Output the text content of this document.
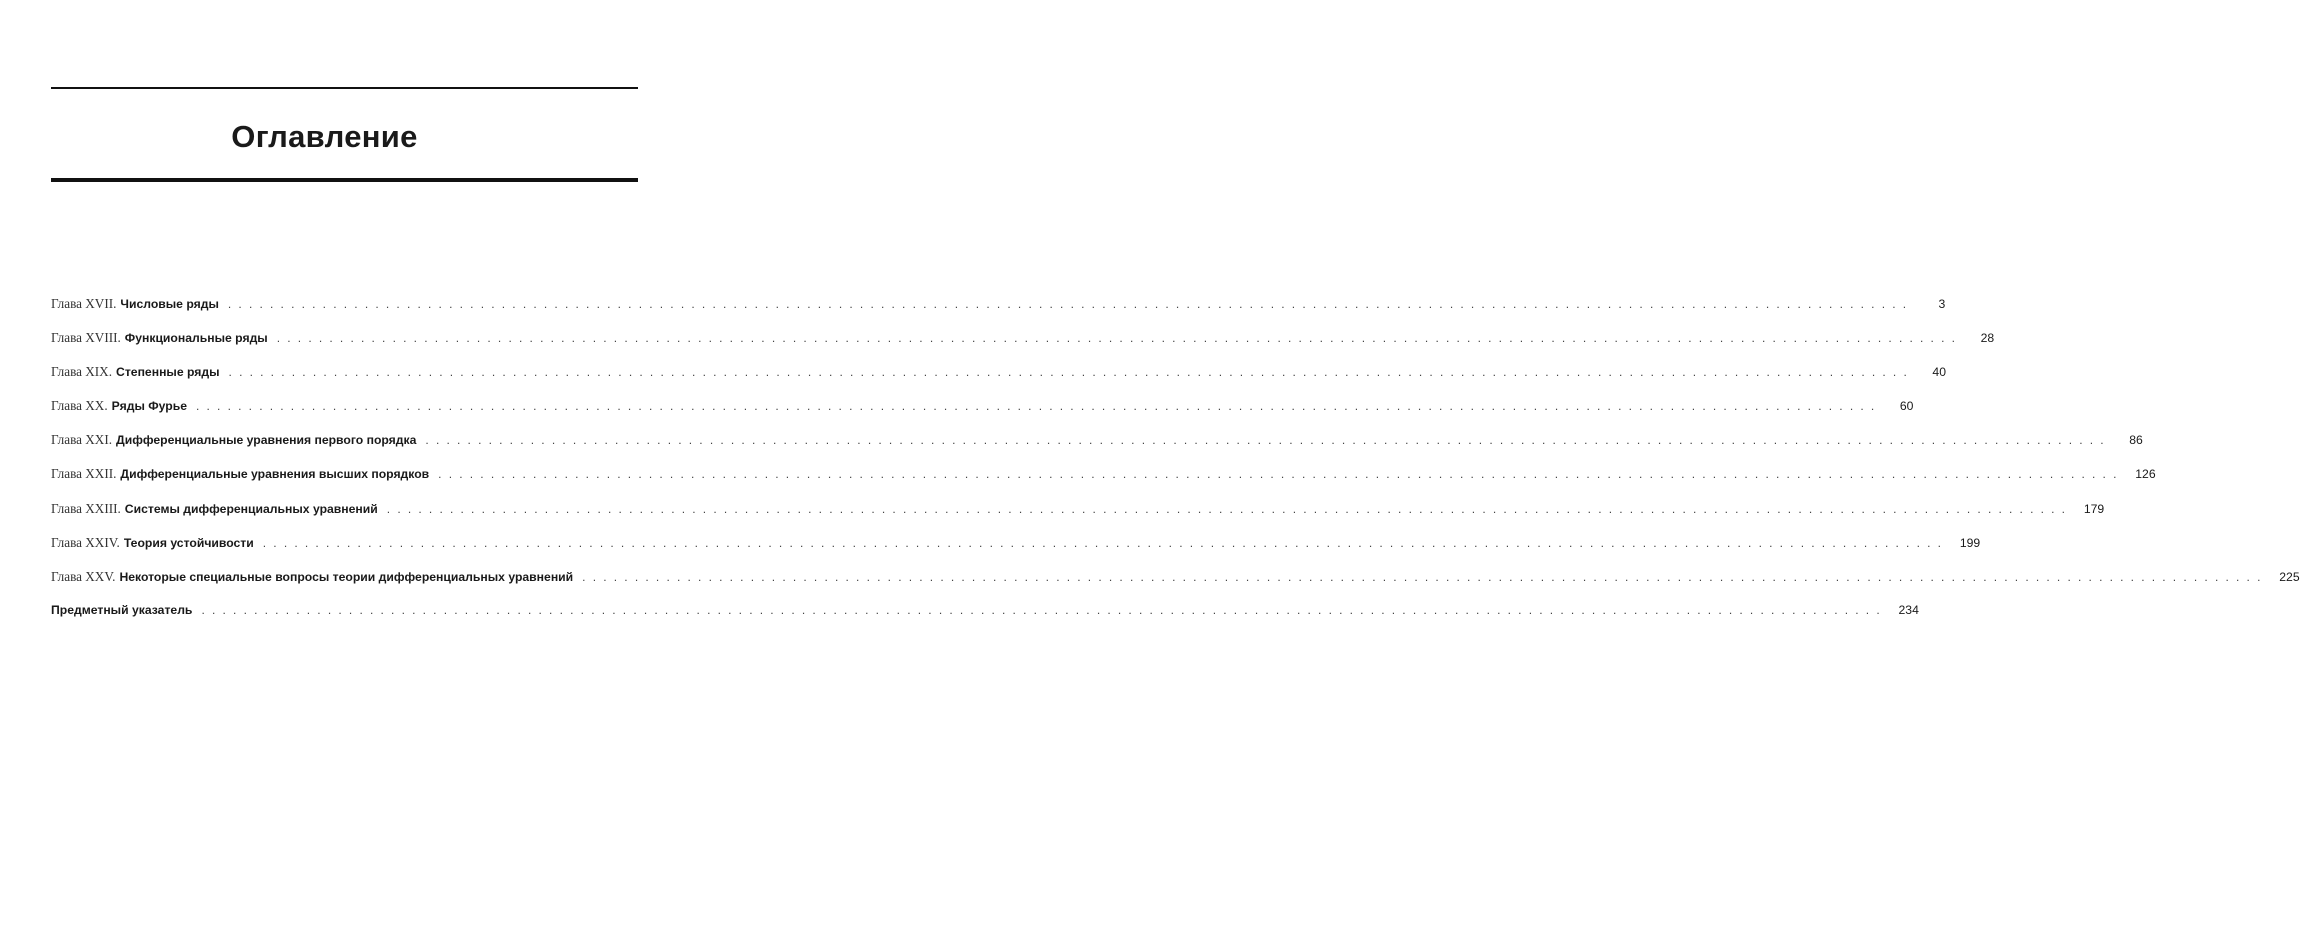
Оглавление
Глава XVII. Числовые ряды ................................................................................................................................................................	3
Глава XVIII. Функциональные ряды ................................................................................................................................................................	28
Глава XIX. Степенные ряды ................................................................................................................................................................	40
Глава XX. Ряды Фурье ................................................................................................................................................................	60
Глава XXI. Дифференциальные уравнения первого порядка ................................................................................................................................................................	86
Глава XXII. Дифференциальные уравнения высших порядков ................................................................................................................................................................ 126
Глава XXIII. Системы дифференциальных уравнений ................................................................................................................................................................ 179
Глава XXIV. Теория устойчивости ................................................................................................................................................................ 199
Глава XXV. Некоторые специальные вопросы теории дифференциальных уравнений ................................................................................................................................................................ 225
Предметный указатель ................................................................................................................................................................ 234
